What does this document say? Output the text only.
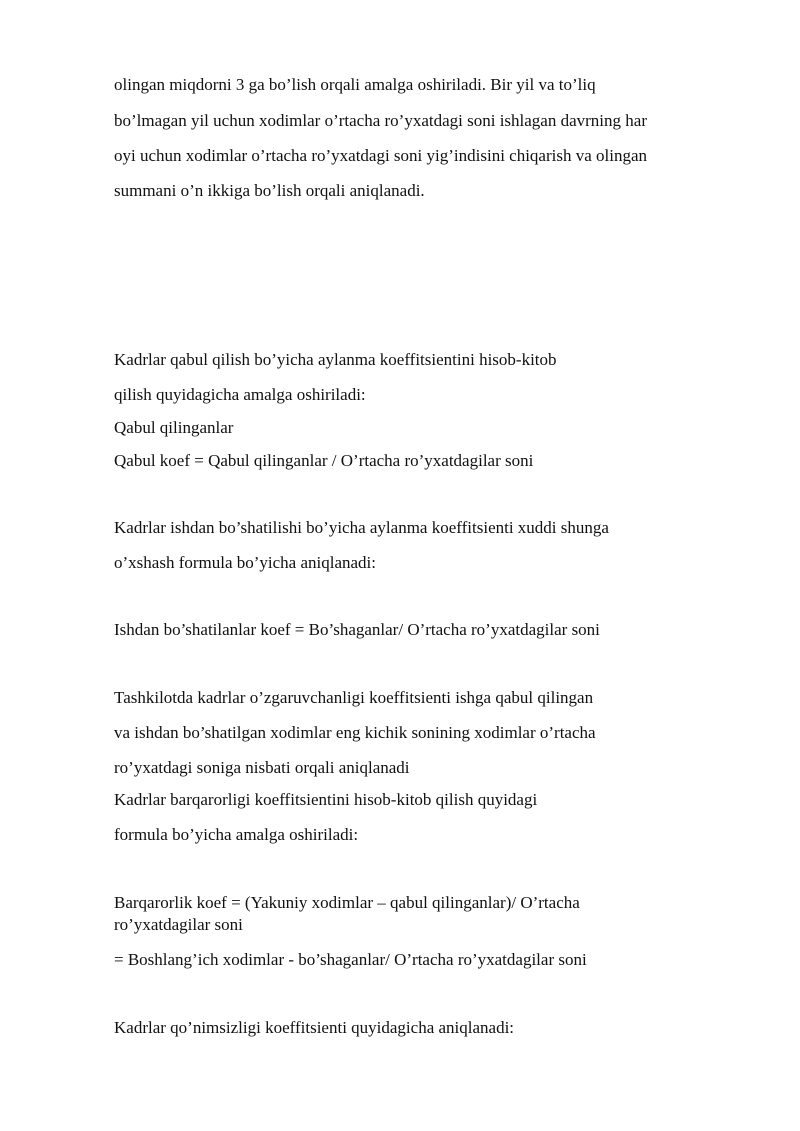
olingan miqdorni 3 ga bo’lish orqali amalga oshiriladi. Bir yil va to’liq
bo’lmagan yil uchun xodimlar o’rtacha ro’yxatdagi soni ishlagan davrning har
oyi uchun xodimlar o’rtacha ro’yxatdagi soni yig’indisini chiqarish va olingan
summani o’n ikkiga bo’lish orqali aniqlanadi.
Kadrlar qabul qilish bo’yicha aylanma koeffitsientini hisob-kitob
qilish quyidagicha amalga oshiriladi:
Qabul qilinganlar
Qabul koef = Qabul qilinganlar / O’rtacha ro’yxatdagilar soni
Kadrlar ishdan bo’shatilishi bo’yicha aylanma koeffitsienti xuddi shunga
o’xshash formula bo’yicha aniqlanadi:
Ishdan bo’shatilanlar koef = Bo’shaganlar/ O’rtacha ro’yxatdagilar soni
Tashkilotda kadrlar o’zgaruvchanligi koeffitsienti ishga qabul qilingan
va ishdan bo’shatilgan xodimlar eng kichik sonining xodimlar o’rtacha
ro’yxatdagi soniga nisbati orqali aniqlanadi
Kadrlar barqarorligi koeffitsientini hisob-kitob qilish quyidagi
formula bo’yicha amalga oshiriladi:
Barqarorlik koef = (Yakuniy xodimlar – qabul qilinganlar)/ O’rtacha
ro’yxatdagilar soni
= Boshlang’ich xodimlar - bo’shaganlar/ O’rtacha ro’yxatdagilar soni
Kadrlar qo’nimsizligi koeffitsienti quyidagicha aniqlanadi:
